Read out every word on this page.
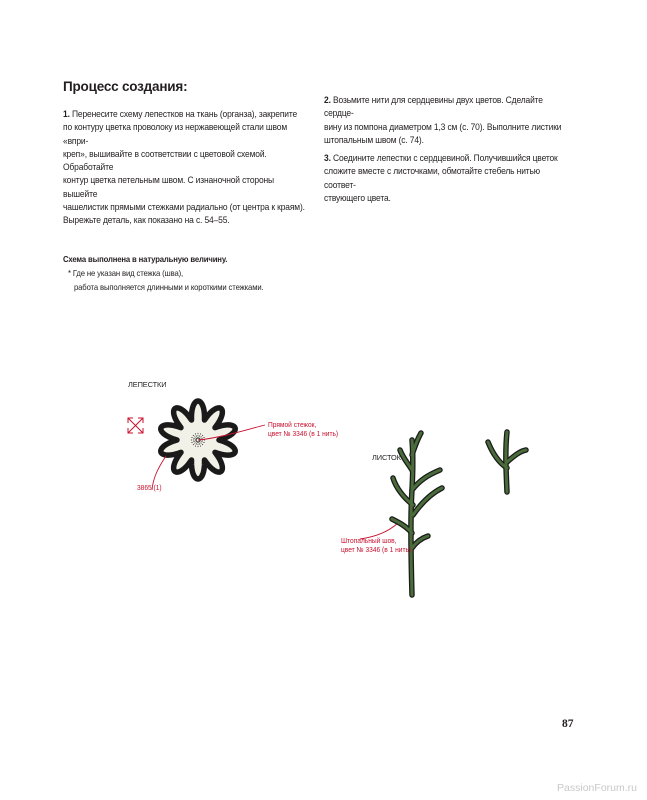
Процесс создания:

1. Перенесите схему лепестков на ткань (органза), закрепите
по контуру цветка проволоку из нержавеющей стали швом «впри-
креп», вышивайте в соответствии с цветовой схемой. Обработайте
контур цветка петельным швом. С изнаночной стороны вышейте
чашелистик прямыми стежками радиально (от центра к краям).
Вырежьте деталь, как показано на с. 54–55.

2. Возьмите нити для сердцевины двух цветов. Сделайте сердце-
вину из помпона диаметром 1,3 см (с. 70). Выполните листики
штопальным швом (с. 74).

3. Соедините лепестки с сердцевиной. Получившийся цветок
сложите вместе с листочками, обмотайте стебель нитью соответ-
ствующего цвета.

Схема выполнена в натуральную величину.
* Где не указан вид стежка (шва),
работа выполняется длинными и короткими стежками.
ЛЕПЕСТКИ
ЛИСТОК
Прямой стежок,
цвет № 3346 (в 1 нить)
3865 (1)
Штопальный шов,
цвет № 3346 (в 1 нить)
87
PassionForum.ru
